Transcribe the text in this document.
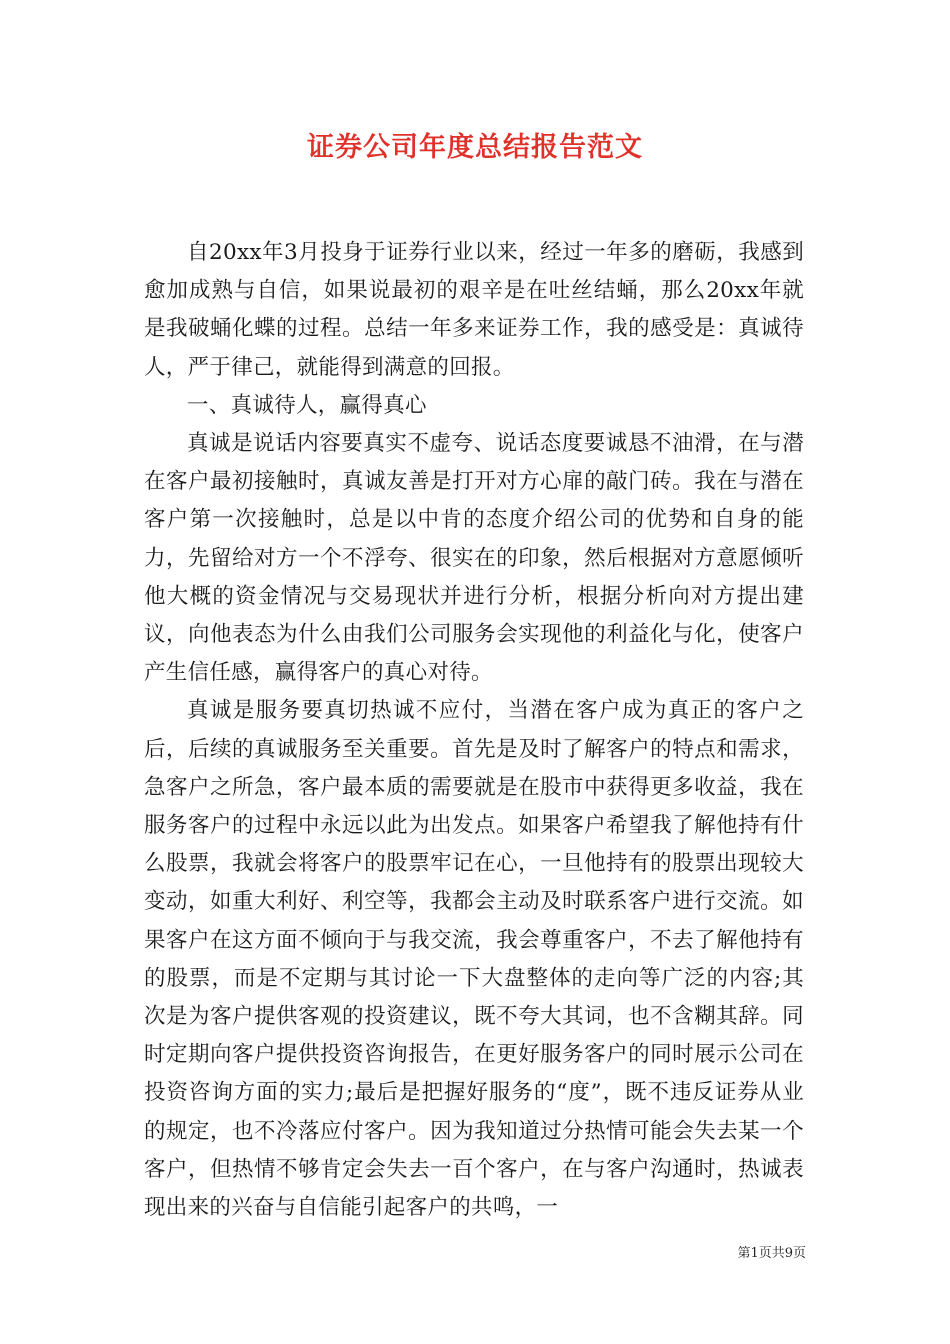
证券公司年度总结报告范文

自20xx年3月投身于证券行业以来，经过一年多的磨砺，我感到愈加成熟与自信，如果说最初的艰辛是在吐丝结蛹，那么20xx年就是我破蛹化蝶的过程。总结一年多来证券工作，我的感受是：真诚待人，严于律己，就能得到满意的回报。

一、真诚待人，赢得真心

真诚是说话内容要真实不虚夸、说话态度要诚恳不油滑，在与潜在客户最初接触时，真诚友善是打开对方心扉的敲门砖。我在与潜在客户第一次接触时，总是以中肯的态度介绍公司的优势和自身的能力，先留给对方一个不浮夸、很实在的印象，然后根据对方意愿倾听他大概的资金情况与交易现状并进行分析，根据分析向对方提出建议，向他表态为什么由我们公司服务会实现他的利益化与化，使客户产生信任感，赢得客户的真心对待。

真诚是服务要真切热诚不应付，当潜在客户成为真正的客户之后，后续的真诚服务至关重要。首先是及时了解客户的特点和需求，急客户之所急，客户最本质的需要就是在股市中获得更多收益，我在服务客户的过程中永远以此为出发点。如果客户希望我了解他持有什么股票，我就会将客户的股票牢记在心，一旦他持有的股票出现较大变动，如重大利好、利空等，我都会主动及时联系客户进行交流。如果客户在这方面不倾向于与我交流，我会尊重客户，不去了解他持有的股票，而是不定期与其讨论一下大盘整体的走向等广泛的内容;其次是为客户提供客观的投资建议，既不夸大其词，也不含糊其辞。同时定期向客户提供投资咨询报告，在更好服务客户的同时展示公司在投资咨询方面的实力;最后是把握好服务的“度”，既不违反证券从业的规定，也不冷落应付客户。因为我知道过分热情可能会失去某一个客户，但热情不够肯定会失去一百个客户，在与客户沟通时，热诚表现出来的兴奋与自信能引起客户的共鸣，一

第1页共9页
